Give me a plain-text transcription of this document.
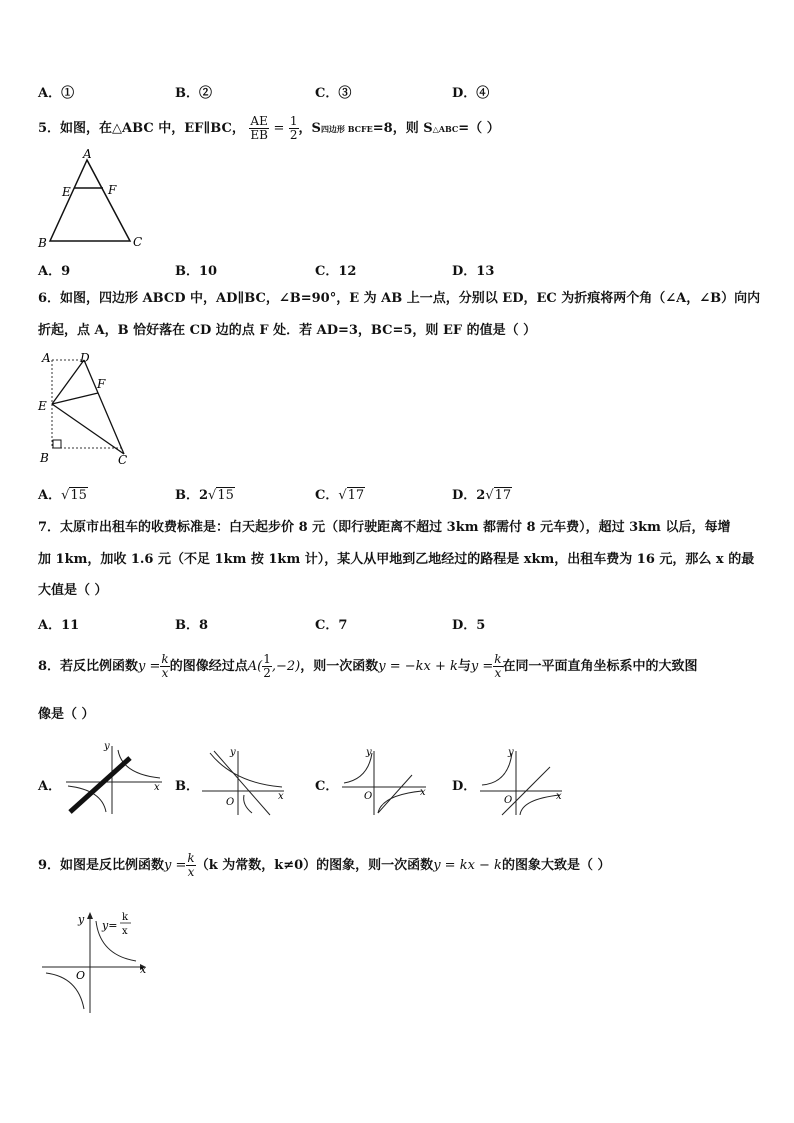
A．①	B．②	C．③	D．④
5．如图，在△ABC 中，EF∥BC， $\frac{AE}{EB} = \frac{1}{2}$ ，S四边形 BCFE=8，则 S△ABC=（ ）
A
E	F
B	C
A．9	B．10	C．12	D．13
6．如图，四边形 ABCD 中，AD∥BC，∠B=90°，E 为 AB 上一点，分别以 ED，EC 为折痕将两个角（∠A，∠B）向内
折起，点 A，B 恰好落在 CD 边的点 F 处．若 AD=3，BC=5，则 EF 的值是（ ）
A D
F
E
B	C
A．√15	B．2√15	C．√17	D．2√17
7．太原市出租车的收费标准是：白天起步价 8 元（即行驶距离不超过 3km 都需付 8 元车费），超过 3km 以后，每增
加 1km，加收 1.6 元（不足 1km 按 1km 计），某人从甲地到乙地经过的路程是 xkm，出租车费为 16 元，那么 x 的最
大值是（ ）
A．11	B．8	C．7	D．5
8．若反比例函数$y = \frac{k}{x}$ 的图像经过点$A( \frac{1}{2} ,-2)$，则一次函数y = −kx + k与$y = \frac{k}{x}$ 在同一平面直角坐标系中的大致图
像是（ ）
A．
y
x B．
y
O
x
C．
y
O	x D．
y
O	x
9．如图是反比例函数$y = \frac{k}{x} (k$ 为常数，k≠0）的图象，则一次函数y = kx − k的图象大致是（ ）
y y=
k
x
O	x
